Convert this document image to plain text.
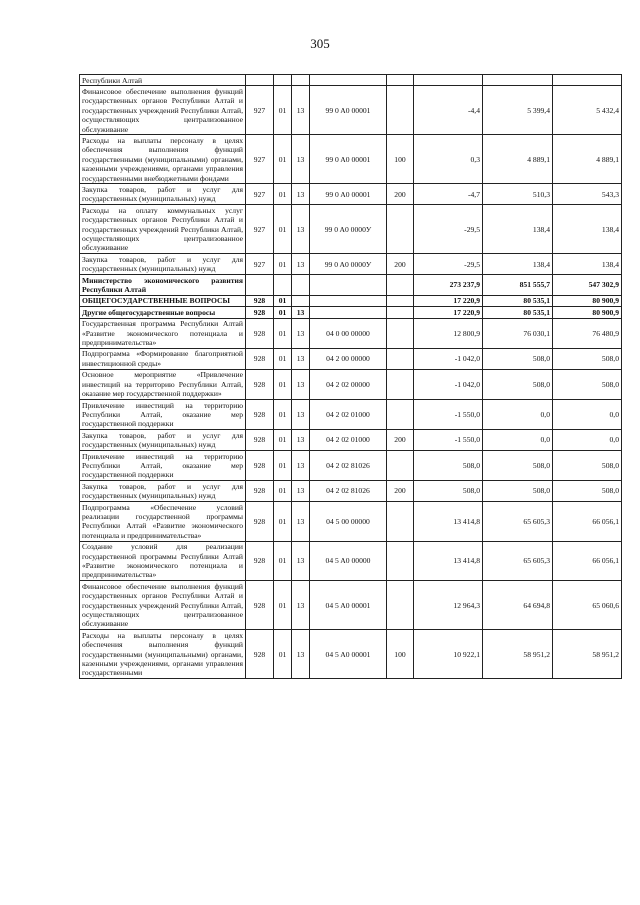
305
Республики Алтай								
Финансовое обеспечение выполнения функций государственных органов Республики Алтай и государственных учреждений Республики Алтай, осуществляющих централизованное обслуживание	927	01	13	99 0 A0 00001		-4,4	5 399,4	5 432,4
Расходы на выплаты персоналу в целях обеспечения выполнения функций государственными (муниципальными) органами, казенными учреждениями, органами управления государственными внебюджетными фондами	927	01	13	99 0 A0 00001	100	0,3	4 889,1	4 889,1
Закупка товаров, работ и услуг для государственных (муниципальных) нужд	927	01	13	99 0 A0 00001	200	-4,7	510,3	543,3
Расходы на оплату коммунальных услуг государственных органов Республики Алтай и государственных учреждений Республики Алтай, осуществляющих централизованное обслуживание	927	01	13	99 0 A0 0000У		-29,5	138,4	138,4
Закупка товаров, работ и услуг для государственных (муниципальных) нужд	927	01	13	99 0 A0 0000У	200	-29,5	138,4	138,4
Министерство экономического развития Республики Алтай						273 237,9	851 555,7	547 302,9
ОБЩЕГОСУДАРСТВЕННЫЕ ВОПРОСЫ	928	01				17 220,9	80 535,1	80 900,9
Другие общегосударственные вопросы	928	01	13			17 220,9	80 535,1	80 900,9
Государственная программа Республики Алтай «Развитие экономического потенциала и предпринимательства»	928	01	13	04 0 00 00000		12 800,9	76 030,1	76 480,9
Подпрограмма «Формирование благоприятной инвестиционной среды»	928	01	13	04 2 00 00000		-1 042,0	508,0	508,0
Основное мероприятие «Привлечение инвестиций на территорию Республики Алтай, оказание мер государственной поддержки»	928	01	13	04 2 02 00000		-1 042,0	508,0	508,0
Привлечение инвестиций на территорию Республики Алтай, оказание мер государственной поддержки	928	01	13	04 2 02 01000		-1 550,0	0,0	0,0
Закупка товаров, работ и услуг для государственных (муниципальных) нужд	928	01	13	04 2 02 01000	200	-1 550,0	0,0	0,0
Привлечение инвестиций на территорию Республики Алтай, оказание мер государственной поддержки	928	01	13	04 2 02 81026		508,0	508,0	508,0
Закупка товаров, работ и услуг для государственных (муниципальных) нужд	928	01	13	04 2 02 81026	200	508,0	508,0	508,0
Подпрограмма «Обеспечение условий реализации государственной программы Республики Алтай «Развитие экономического потенциала и предпринимательства»	928	01	13	04 5 00 00000		13 414,8	65 605,3	66 056,1
Создание условий для реализации государственной программы Республики Алтай «Развитие экономического потенциала и предпринимательства»	928	01	13	04 5 A0 00000		13 414,8	65 605,3	66 056,1
Финансовое обеспечение выполнения функций государственных органов Республики Алтай и государственных учреждений Республики Алтай, осуществляющих централизованное обслуживание	928	01	13	04 5 A0 00001		12 964,3	64 694,8	65 060,6
Расходы на выплаты персоналу в целях обеспечения выполнения функций государственными (муниципальными) органами, казенными учреждениями, органами управления государственными	928	01	13	04 5 A0 00001	100	10 922,1	58 951,2	58 951,2
